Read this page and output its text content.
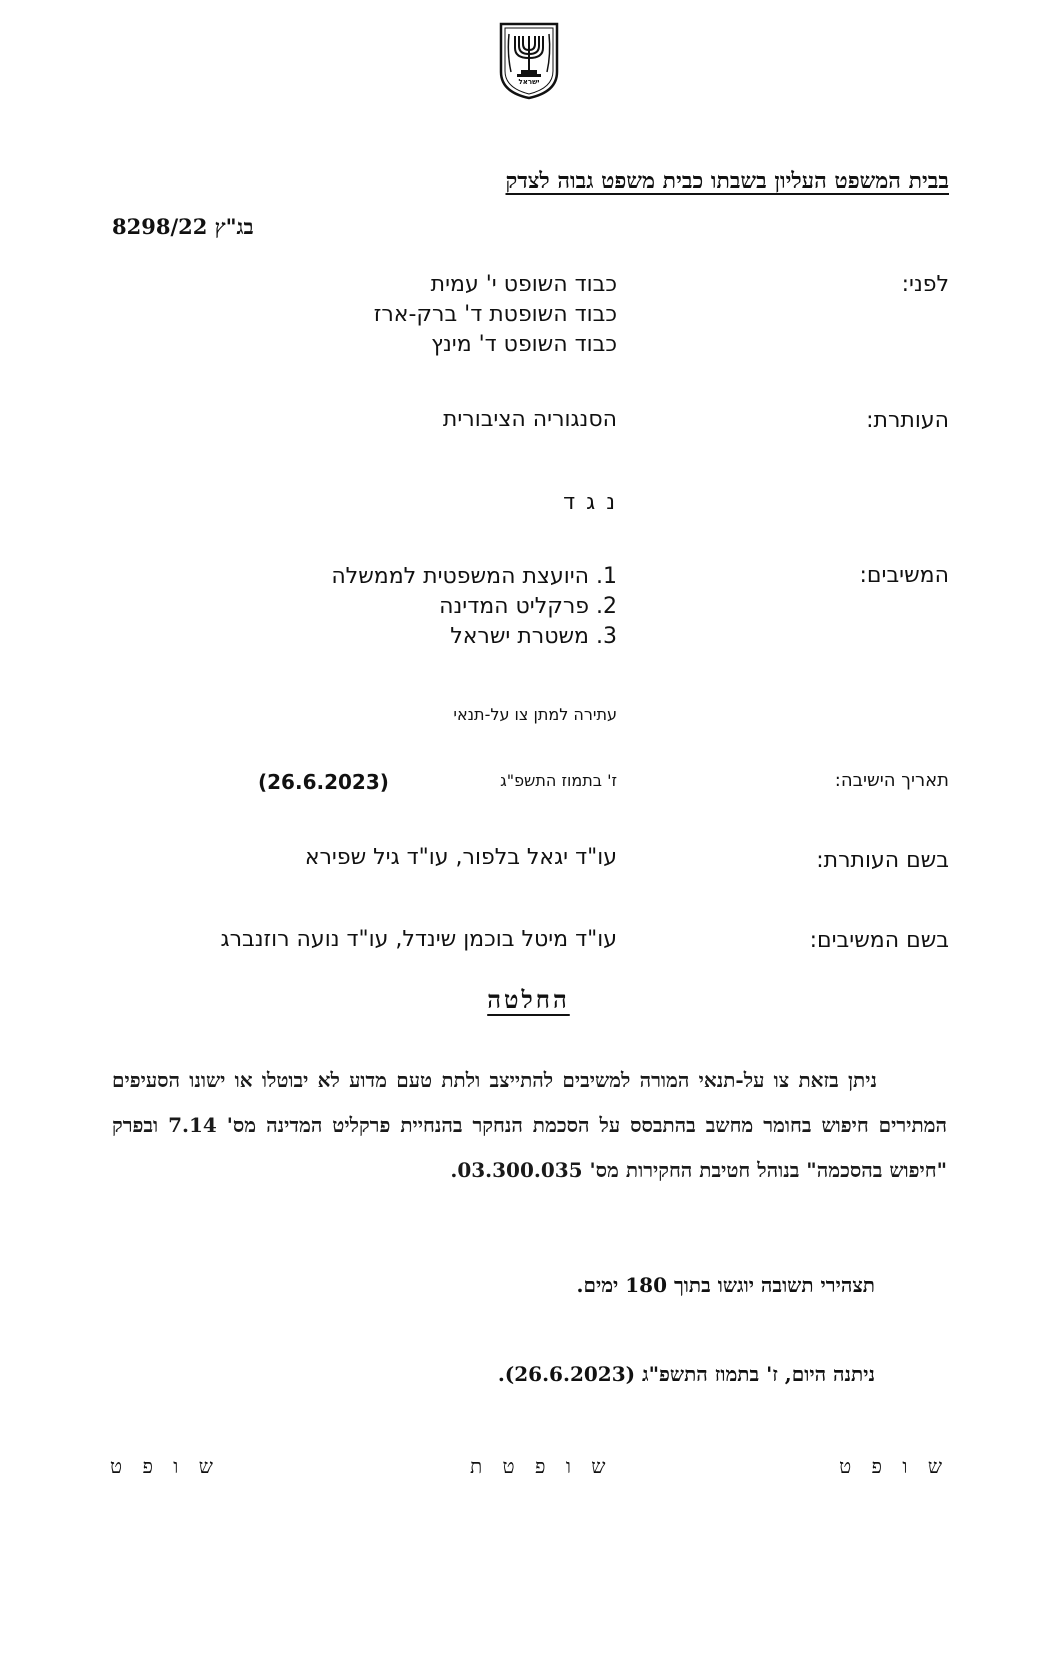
ישראל
בבית המשפט העליון בשבתו כבית משפט גבוה לצדק
בג"ץ 8298/22
לפני:
כבוד השופט י' עמית
כבוד השופטת ד' ברק-ארז
כבוד השופט ד' מינץ
העותרת:
הסנגוריה הציבורית
נ ג ד
המשיבים:
1. היועצת המשפטית לממשלה
2. פרקליט המדינה
3. משטרת ישראל
עתירה למתן צו על-תנאי
תאריך הישיבה:
ז' בתמוז התשפ"ג
(26.6.2023)
בשם העותרת:
עו"ד יגאל בלפור, עו"ד גיל שפירא
בשם המשיבים:
עו"ד מיטל בוכמן שינדל, עו"ד נועה רוזנברג
החלטה
ניתן בזאת צו על-תנאי המורה למשיבים להתייצב ולתת טעם מדוע לא יבוטלו או ישונו הסעיפים המתירים חיפוש בחומר מחשב בהתבסס על הסכמת הנחקר בהנחיית פרקליט המדינה מס' 7.14 ובפרק "חיפוש בהסכמה" בנוהל חטיבת החקירות מס' 03.300.035.
תצהירי תשובה יוגשו בתוך 180 ימים.
ניתנה היום, ז' בתמוז התשפ"ג (26.6.2023).
ש ו פ ט
ש ו פ ט ת
ש ו פ ט
